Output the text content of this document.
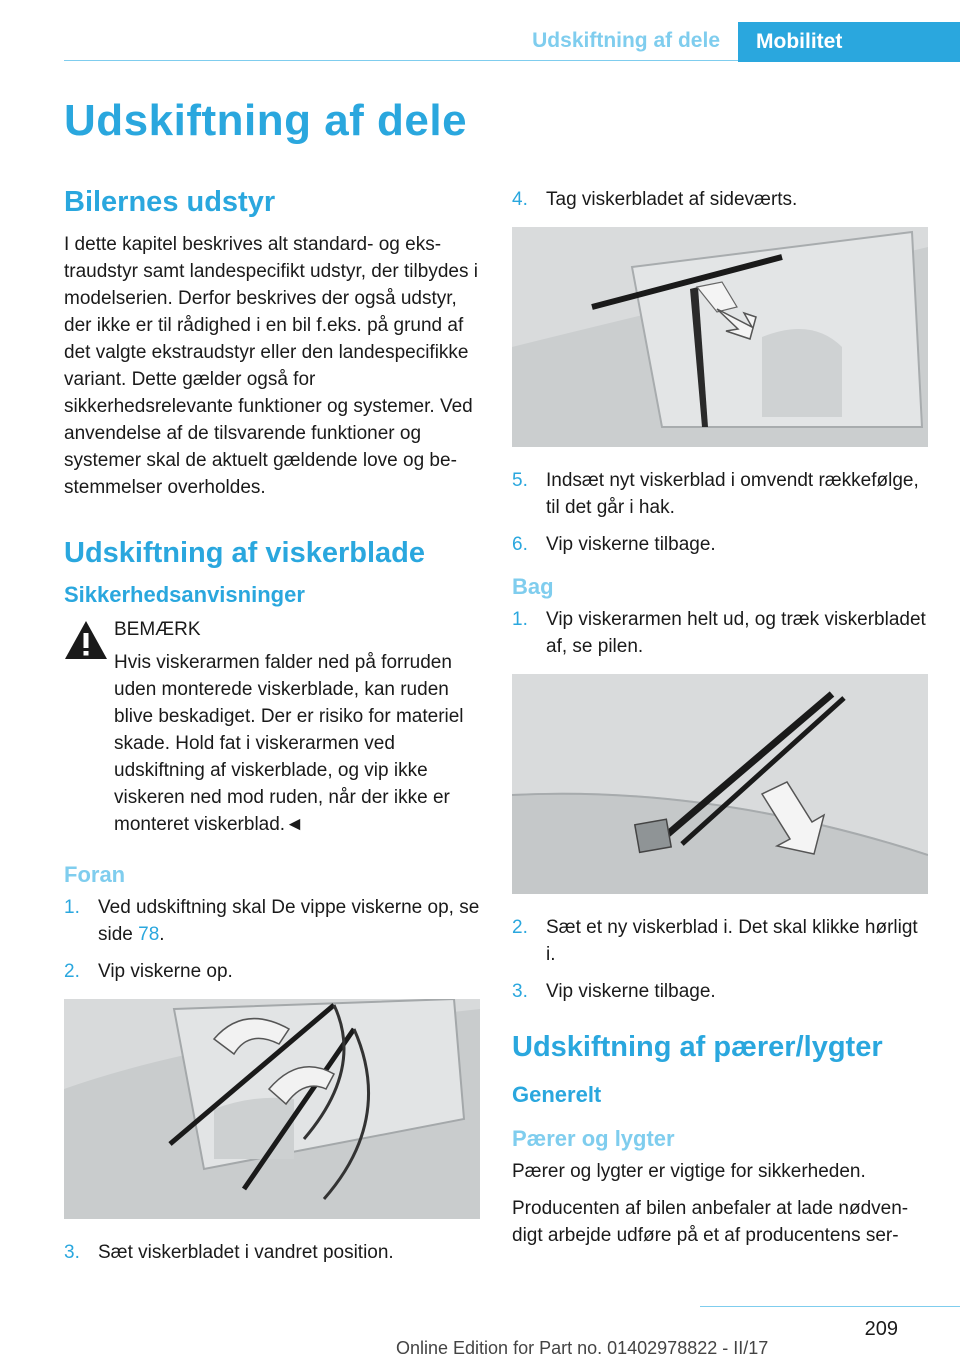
Udskiftning af dele	Mobilitet
Udskiftning af dele
Bilernes udstyr

I dette kapitel beskrives alt standard- og ekstraudstyr samt landespecifikt udstyr, der tilbydes i modelserien. Derfor beskrives der også udstyr, der ikke er til rådighed i en bil f.eks. på grund af det valgte ekstraudstyr eller den landespecifikke variant. Dette gælder også for sikkerhedsrelevante funktioner og systemer. Ved anvendelse af de tilsvarende funktioner og systemer skal de aktuelt gældende love og bestemmelser overholdes.

Udskiftning af viskerblade
Sikkerhedsanvisninger

BEMÆRK

Hvis viskerarmen falder ned på forruden uden monterede viskerblade, kan ruden blive beskadiget. Der er risiko for materiel skade. Hold fat i viskerarmen ved udskiftning af viskerblade, og vip ikke viskeren ned mod ruden, når der ikke er monteret viskerblad.◄

Foran
1. Ved udskiftning skal De vippe viskerne op, se side 78.
2. Vip viskerne op.
3. Sæt viskerbladet i vandret position.
4. Tag viskerbladet af sideværts.
5. Indsæt nyt viskerblad i omvendt rækkefølge, til det går i hak.
6. Vip viskerne tilbage.
Bag
1. Vip viskerarmen helt ud, og træk viskerbladet af, se pilen.
2. Sæt et ny viskerblad i. Det skal klikke hørligt i.
3. Vip viskerne tilbage.
Udskiftning af pærer/lygter
Generelt
Pærer og lygter

Pærer og lygter er vigtige for sikkerheden.

Producenten af bilen anbefaler at lade nødvendigt arbejde udføre på et af producentens ser-

209
Online Edition for Part no. 01402978822 - II/17
